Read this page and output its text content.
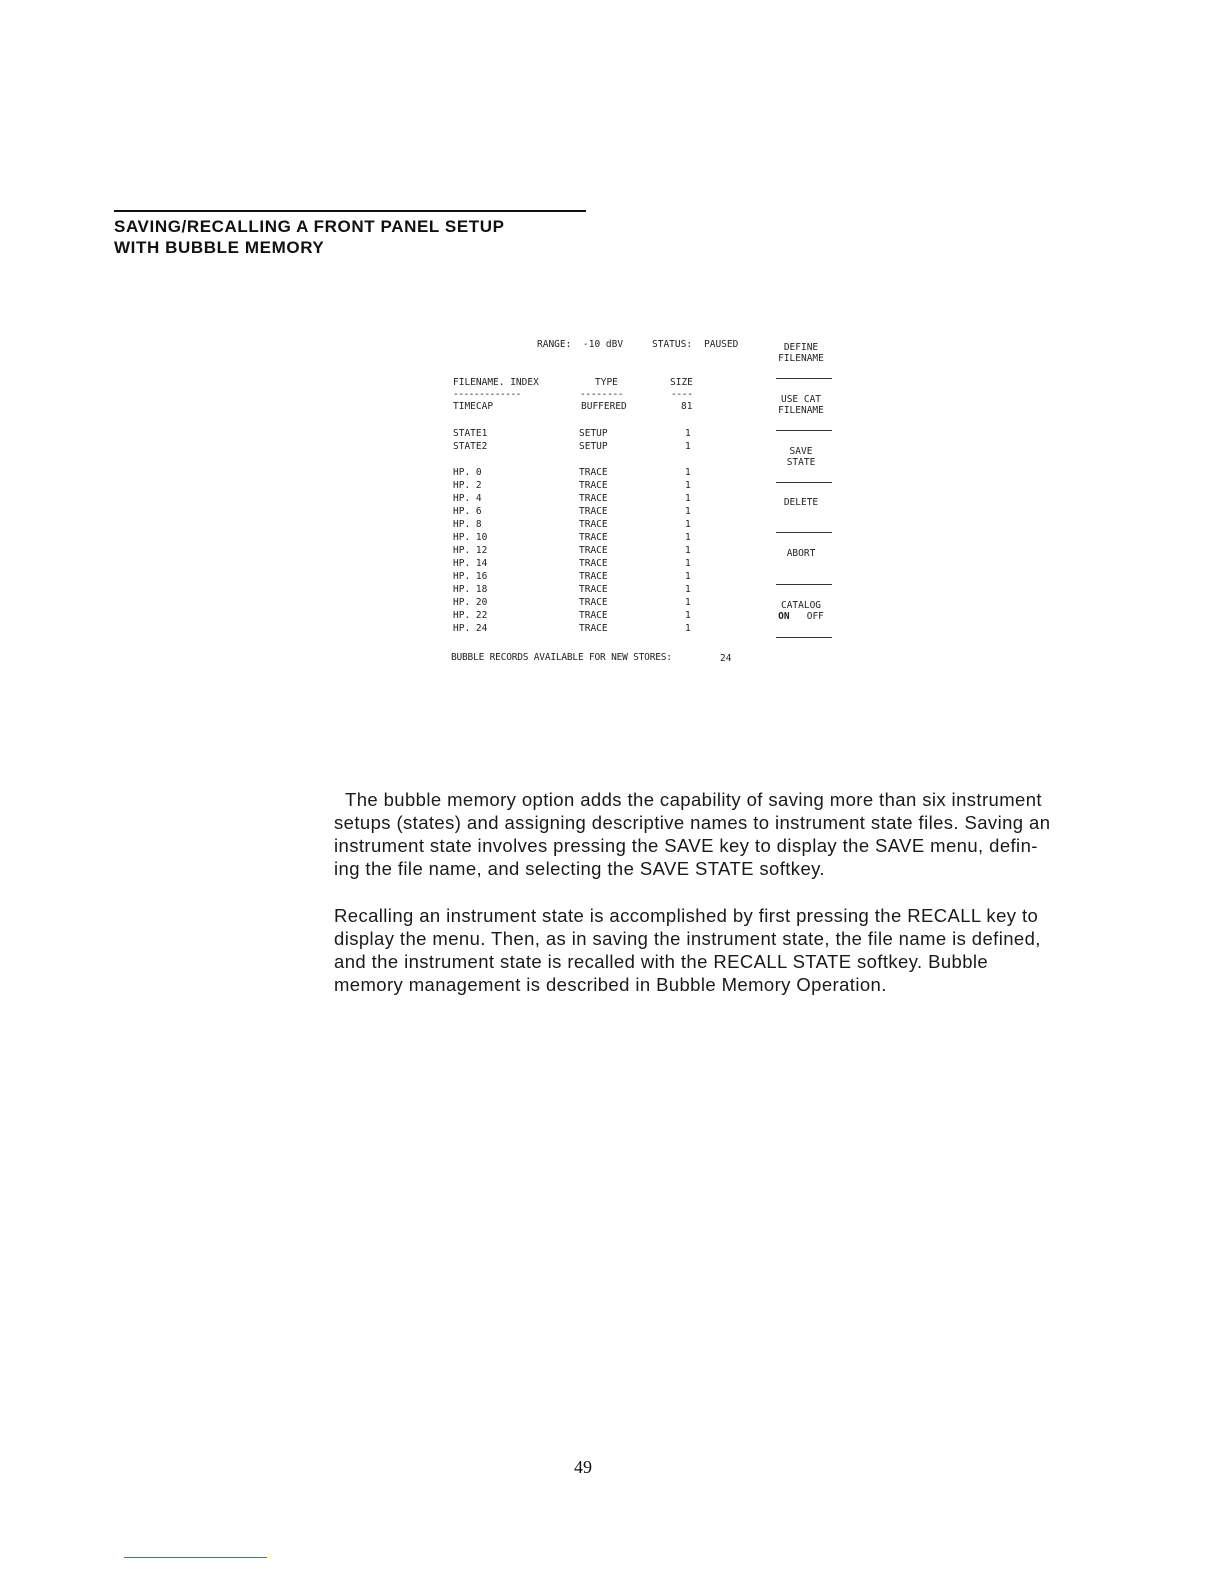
SAVING/RECALLING A FRONT PANEL SETUP
WITH BUBBLE MEMORY
RANGE: -10 dBV	STATUS: PAUSED
FILENAME. INDEX	TYPE	SIZE
-------------	--------	----
TIMECAP	BUFFERED	81
STATE1	SETUP	1
STATE2	SETUP	1
HP. 0	TRACE	1
HP. 2	TRACE	1
HP. 4	TRACE	1
HP. 6	TRACE	1
HP. 8	TRACE	1
HP. 10	TRACE	1
HP. 12	TRACE	1
HP. 14	TRACE	1
HP. 16	TRACE	1
HP. 18	TRACE	1
HP. 20	TRACE	1
HP. 22	TRACE	1
HP. 24	TRACE	1
BUBBLE RECORDS AVAILABLE FOR NEW STORES:	24
DEFINE
FILENAME
USE CAT
FILENAME
SAVE
STATE
DELETE
ABORT
CATALOG
ON OFF
The bubble memory option adds the capability of saving more than six instrument
setups (states) and assigning descriptive names to instrument state files. Saving an
instrument state involves pressing the SAVE key to display the SAVE menu, defin-
ing the file name, and selecting the SAVE STATE softkey.
Recalling an instrument state is accomplished by first pressing the RECALL key to
display the menu. Then, as in saving the instrument state, the file name is defined,
and the instrument state is recalled with the RECALL STATE softkey. Bubble
memory management is described in Bubble Memory Operation.
49
